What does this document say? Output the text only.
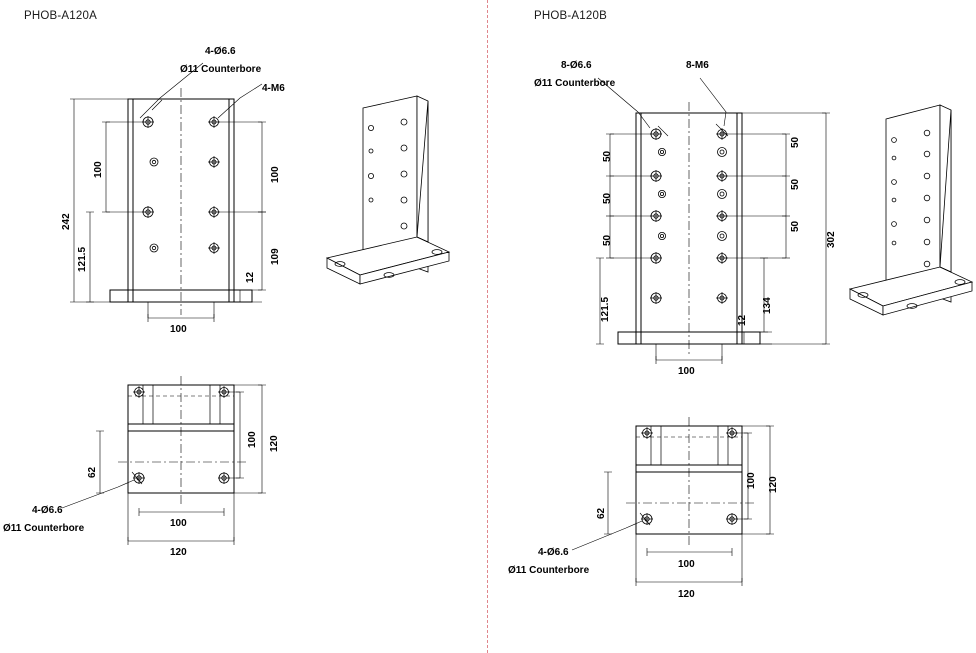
PHOB-A120A
4-Ø6.6
Ø11 Counterbore
4-M6
4-Ø6.6
Ø11 Counterbore
242
100
121.5
100
109
12
100
62
100 120
100
120
PHOB-A120B
8-Ø6.6
Ø11 Counterbore
8-M6
4-Ø6.6
Ø11 Counterbore
121.5
50
50
50
50
50
50
134
302
12
100
62
100 120
100
120
